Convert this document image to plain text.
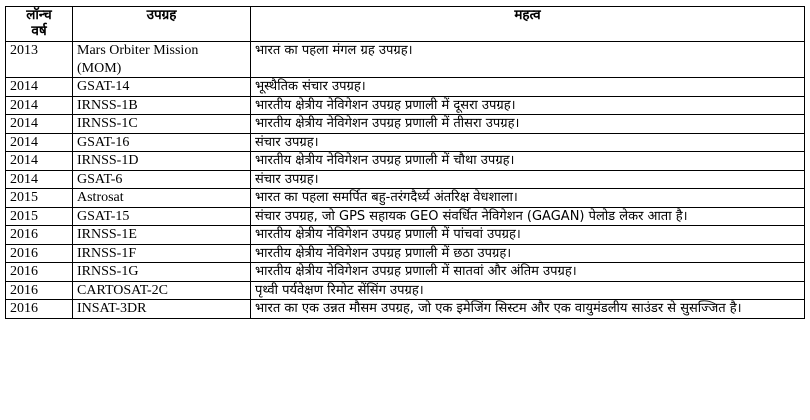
लॉन्च
वर्ष	उपग्रह	महत्व
2013	Mars Orbiter Mission (MOM)	भारत का पहला मंगल ग्रह उपग्रह।
2014	GSAT-14	भूस्थैतिक संचार उपग्रह।
2014	IRNSS-1B	भारतीय क्षेत्रीय नेविगेशन उपग्रह प्रणाली में दूसरा उपग्रह।
2014	IRNSS-1C	भारतीय क्षेत्रीय नेविगेशन उपग्रह प्रणाली में तीसरा उपग्रह।
2014	GSAT-16	संचार उपग्रह।
2014	IRNSS-1D	भारतीय क्षेत्रीय नेविगेशन उपग्रह प्रणाली में चौथा उपग्रह।
2014	GSAT-6	संचार उपग्रह।
2015	Astrosat	भारत का पहला समर्पित बहु-तरंगदैर्ध्य अंतरिक्ष वेधशाला।
2015	GSAT-15	संचार उपग्रह, जो GPS सहायक GEO संवर्धित नेविगेशन (GAGAN) पेलोड लेकर आता है।
2016	IRNSS-1E	भारतीय क्षेत्रीय नेविगेशन उपग्रह प्रणाली में पांचवां उपग्रह।
2016	IRNSS-1F	भारतीय क्षेत्रीय नेविगेशन उपग्रह प्रणाली में छठा उपग्रह।
2016	IRNSS-1G	भारतीय क्षेत्रीय नेविगेशन उपग्रह प्रणाली में सातवां और अंतिम उपग्रह।
2016	CARTOSAT-2C	पृथ्वी पर्यवेक्षण रिमोट सेंसिंग उपग्रह।
2016	INSAT-3DR	भारत का एक उन्नत मौसम उपग्रह, जो एक इमेजिंग सिस्टम और एक वायुमंडलीय साउंडर से सुसज्जित है।
